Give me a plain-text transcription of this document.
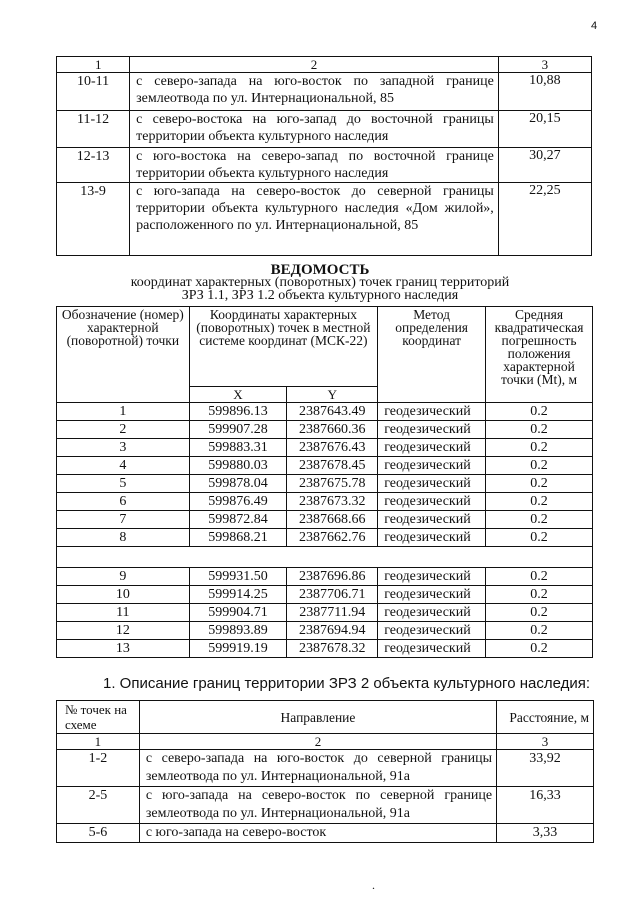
4
1	2	3
10-11	с северо-запада на юго-восток по западной границе землеотвода по ул. Интернациональной, 85	10,88
11-12	с северо-востока на юго-запад до восточной границы территории объекта культурного наследия	20,15
12-13	с юго-востока на северо-запад по восточной границе территории объекта культурного наследия	30,27
13-9	с юго-запада на северо-восток до северной границы территории объекта культурного наследия «Дом жилой», расположенного по ул. Интернациональной, 85	22,25
ВЕДОМОСТЬ
координат характерных (поворотных) точек границ территорий
ЗРЗ 1.1, ЗРЗ 1.2 объекта культурного наследия
Обозначение (номер) характерной (поворотной) точки	Координаты характерных (поворотных) точек в местной системе координат (МСК-22)		Метод определения координат	Средняя квадратическая погрешность положения характерной точки (Mt), м
	X	Y		
1	599896.13	2387643.49	геодезический	0.2
2	599907.28	2387660.36	геодезический	0.2
3	599883.31	2387676.43	геодезический	0.2
4	599880.03	2387678.45	геодезический	0.2
5	599878.04	2387675.78	геодезический	0.2
6	599876.49	2387673.32	геодезический	0.2
7	599872.84	2387668.66	геодезический	0.2
8	599868.21	2387662.76	геодезический	0.2

9	599931.50	2387696.86	геодезический	0.2
10	599914.25	2387706.71	геодезический	0.2
11	599904.71	2387711.94	геодезический	0.2
12	599893.89	2387694.94	геодезический	0.2
13	599919.19	2387678.32	геодезический	0.2
1. Описание границ территории ЗРЗ 2 объекта культурного наследия:
№ точек на схеме	Направление	Расстояние, м
1	2	3
1-2	с северо-запада на юго-восток до северной границы землеотвода по ул. Интернациональной, 91а	33,92
2-5	с юго-запада на северо-восток по северной границе землеотвода по ул. Интернациональной, 91а	16,33
5-6	с юго-запада на северо-восток	3,33
.
